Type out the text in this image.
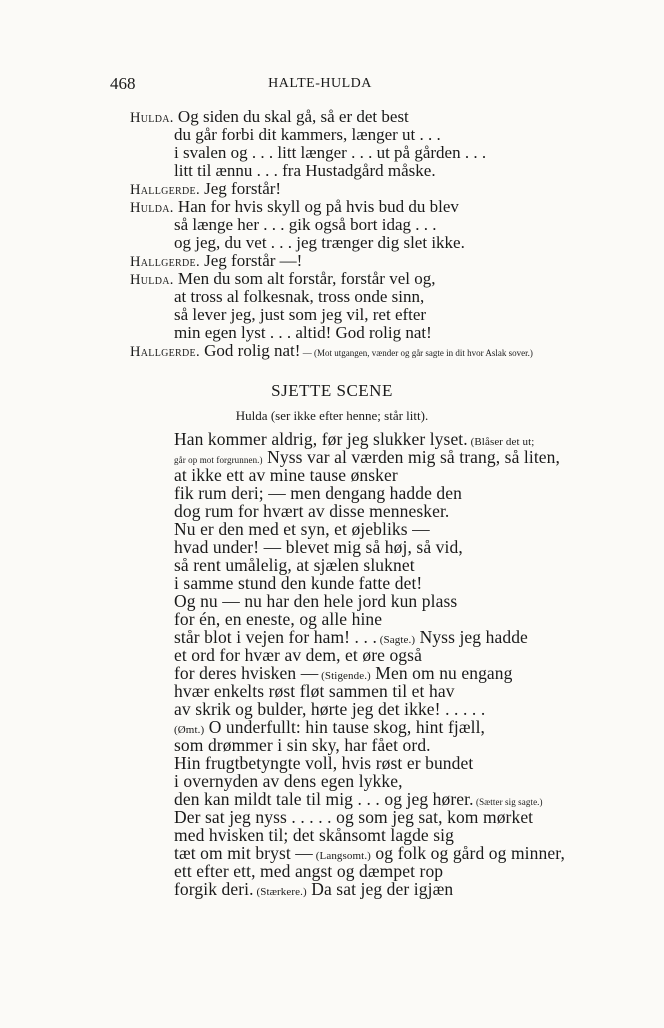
468	HALTE-HULDA
Hulda. Og siden du skal gå, så er det best
du går forbi dit kammers, længer ut . . .
i svalen og . . . litt længer . . . ut på gården . . .
litt til ænnu . . . fra Hustadgård måske.
Hallgerde. Jeg forstår!
Hulda. Han for hvis skyll og på hvis bud du blev
så længe her . . . gik også bort idag . . .
og jeg, du vet . . . jeg trænger dig slet ikke.
Hallgerde. Jeg forstår —!
Hulda. Men du som alt forstår, forstår vel og,
at tross al folkesnak, tross onde sinn,
så lever jeg, just som jeg vil, ret efter
min egen lyst . . . altid! God rolig nat!
Hallgerde. God rolig nat! — (Mot utgangen, vænder og går sagte in dit hvor Aslak sover.)
SJETTE SCENE
Hulda (ser ikke efter henne; står litt).
Han kommer aldrig, før jeg slukker lyset. (Blåser det ut;
går op mot forgrunnen.) Nyss var al værden mig så trang, så liten,
at ikke ett av mine tause ønsker
fik rum deri; — men dengang hadde den
dog rum for hvært av disse mennesker.
Nu er den med et syn, et øjebliks —
hvad under! — blevet mig så høj, så vid,
så rent umålelig, at sjælen sluknet
i samme stund den kunde fatte det!
Og nu — nu har den hele jord kun plass
for én, en eneste, og alle hine
står blot i vejen for ham! . . . (Sagte.) Nyss jeg hadde
et ord for hvær av dem, et øre også
for deres hvisken — (Stigende.) Men om nu engang
hvær enkelts røst fløt sammen til et hav
av skrik og bulder, hørte jeg det ikke! . . . . .
(Ømt.) O underfullt: hin tause skog, hint fjæll,
som drømmer i sin sky, har fået ord.
Hin frugtbetyngte voll, hvis røst er bundet
i overnyden av dens egen lykke,
den kan mildt tale til mig . . . og jeg hører. (Sætter sig sagte.)
Der sat jeg nyss . . . . . og som jeg sat, kom mørket
med hvisken til; det skånsomt lagde sig
tæt om mit bryst — (Langsomt.) og folk og gård og minner,
ett efter ett, med angst og dæmpet rop
forgik deri. (Stærkere.) Da sat jeg der igjæn
